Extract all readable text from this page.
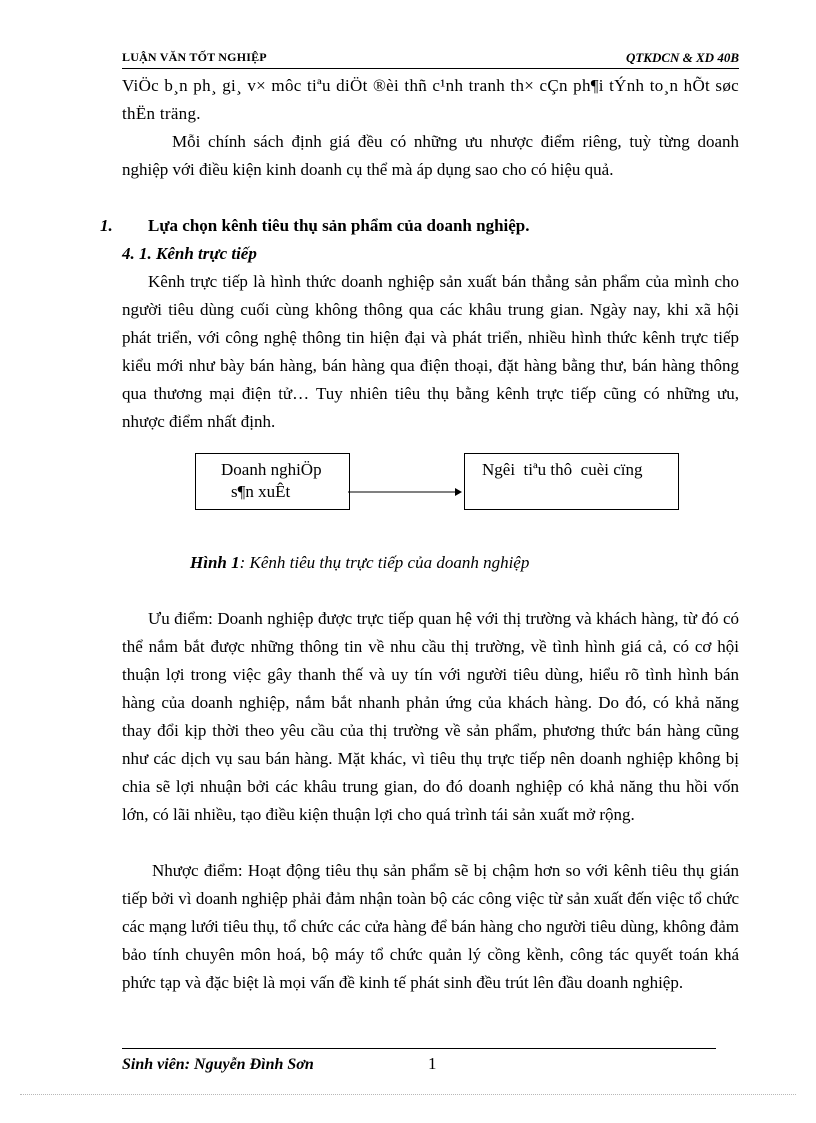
LUẬN VĂN TỐT NGHIỆP	QTKDCN & XD 40B

ViÖc b¸n ph¸ gi¸ v× môc tiªu diÖt ®èi thñ c¹nh tranh th× cÇn ph¶i tÝnh to¸n hÕt søc thËn träng.

Mỗi chính sách định giá đều có những ưu nhược điểm riêng, tuỳ từng doanh nghiệp với điều kiện kinh doanh cụ thể mà áp dụng sao cho có hiệu quả.

1. Lựa chọn kênh tiêu thụ sản phẩm của doanh nghiệp.
4. 1. Kênh trực tiếp

Kênh trực tiếp là hình thức doanh nghiệp sản xuất bán thẳng sản phẩm của mình cho người tiêu dùng cuối cùng không thông qua các khâu trung gian. Ngày nay, khi xã hội phát triển, với công nghệ thông tin hiện đại và phát triển, nhiều hình thức kênh trực tiếp kiểu mới như bày bán hàng, bán hàng qua điện thoại, đặt hàng bằng thư, bán hàng thông qua thương mại điện tử… Tuy nhiên tiêu thụ bằng kênh trực tiếp cũng có những ưu, nhược điểm nhất định.

Doanh nghiÖp
s¶n xuÊt
Ngêi  tiªu thô  cuèi cïng
Hình 1: Kênh tiêu thụ trực tiếp của doanh nghiệp

Ưu điểm: Doanh nghiệp được trực tiếp quan hệ với thị trường và khách hàng, từ đó có thể nắm bắt được những thông tin về nhu cầu thị trường, về tình hình giá cả, có cơ hội thuận lợi trong việc gây thanh thế và uy tín với người tiêu dùng, hiểu rõ tình hình bán hàng của doanh nghiệp, nắm bắt nhanh phản ứng của khách hàng. Do đó, có khả năng thay đổi kịp thời theo yêu cầu của thị trường về sản phẩm, phương thức bán hàng cũng như các dịch vụ sau bán hàng. Mặt khác, vì tiêu thụ trực tiếp nên doanh nghiệp không bị chia sẽ lợi nhuận bởi các khâu trung gian, do đó doanh nghiệp có khả năng thu hồi vốn lớn, có lãi nhiều, tạo điều kiện thuận lợi cho quá trình tái sản xuất mở rộng.

Nhược điểm: Hoạt động tiêu thụ sản phẩm sẽ bị chậm hơn so với kênh tiêu thụ gián tiếp bởi vì doanh nghiệp phải đảm nhận toàn bộ các công việc từ sản xuất đến việc tổ chức các mạng lưới tiêu thụ, tổ chức các cửa hàng để bán hàng cho người tiêu dùng, không đảm bảo tính chuyên môn hoá, bộ máy tổ chức quản lý cồng kềnh, công tác quyết toán khá phức tạp và đặc biệt là mọi vấn đề kinh tế phát sinh đều trút lên đầu doanh nghiệp.

Sinh viên: Nguyễn Đình Sơn	1
